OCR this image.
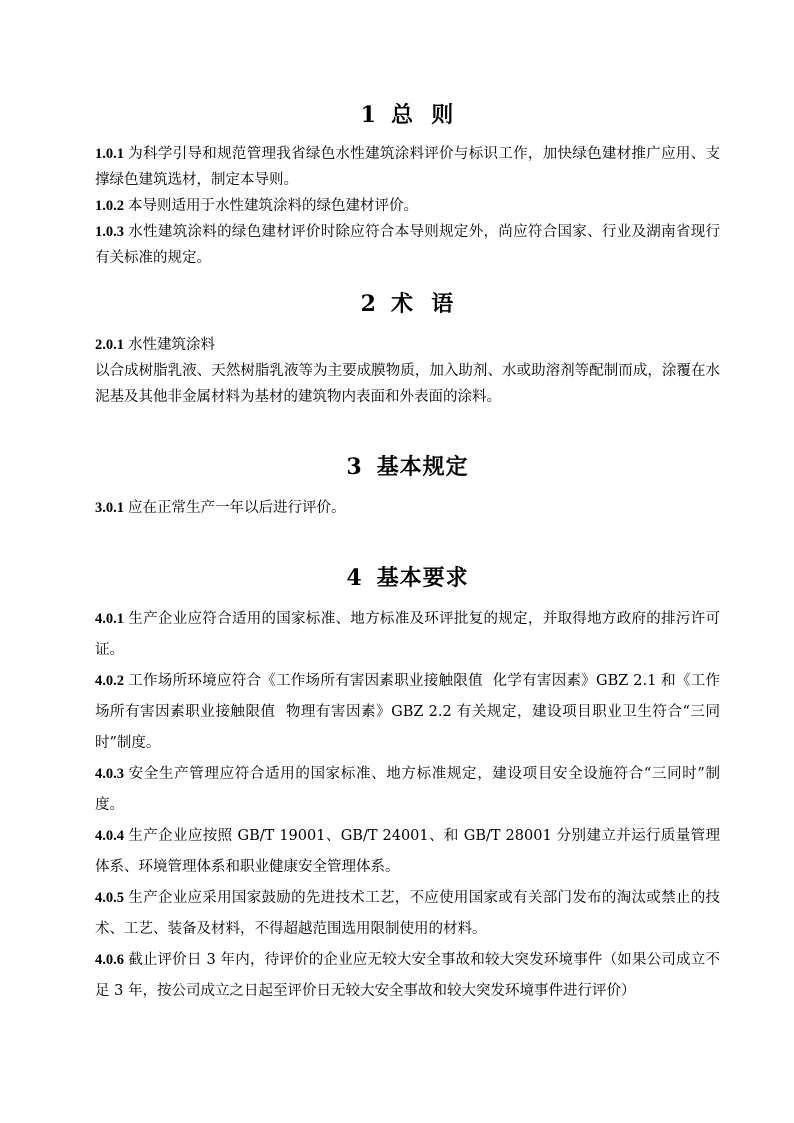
1 总  则

1.0.1 为科学引导和规范管理我省绿色水性建筑涂料评价与标识工作，加快绿色建材推广应用、支撑绿色建筑选材，制定本导则。

1.0.2 本导则适用于水性建筑涂料的绿色建材评价。

1.0.3 水性建筑涂料的绿色建材评价时除应符合本导则规定外，尚应符合国家、行业及湖南省现行有关标准的规定。

2 术  语

2.0.1 水性建筑涂料

以合成树脂乳液、天然树脂乳液等为主要成膜物质，加入助剂、水或助溶剂等配制而成，涂覆在水泥基及其他非金属材料为基材的建筑物内表面和外表面的涂料。

3 基本规定

3.0.1 应在正常生产一年以后进行评价。

4 基本要求

4.0.1 生产企业应符合适用的国家标准、地方标准及环评批复的规定，并取得地方政府的排污许可证。

4.0.2 工作场所环境应符合《工作场所有害因素职业接触限值  化学有害因素》GBZ 2.1 和《工作场所有害因素职业接触限值  物理有害因素》GBZ 2.2 有关规定，建设项目职业卫生符合“三同时”制度。

4.0.3 安全生产管理应符合适用的国家标准、地方标准规定，建设项目安全设施符合“三同时”制度。

4.0.4 生产企业应按照 GB/T 19001、GB/T 24001、和 GB/T 28001 分别建立并运行质量管理体系、环境管理体系和职业健康安全管理体系。

4.0.5 生产企业应采用国家鼓励的先进技术工艺，不应使用国家或有关部门发布的淘汰或禁止的技术、工艺、装备及材料，不得超越范围选用限制使用的材料。

4.0.6 截止评价日 3 年内，待评价的企业应无较大安全事故和较大突发环境事件（如果公司成立不足 3 年，按公司成立之日起至评价日无较大安全事故和较大突发环境事件进行评价）
